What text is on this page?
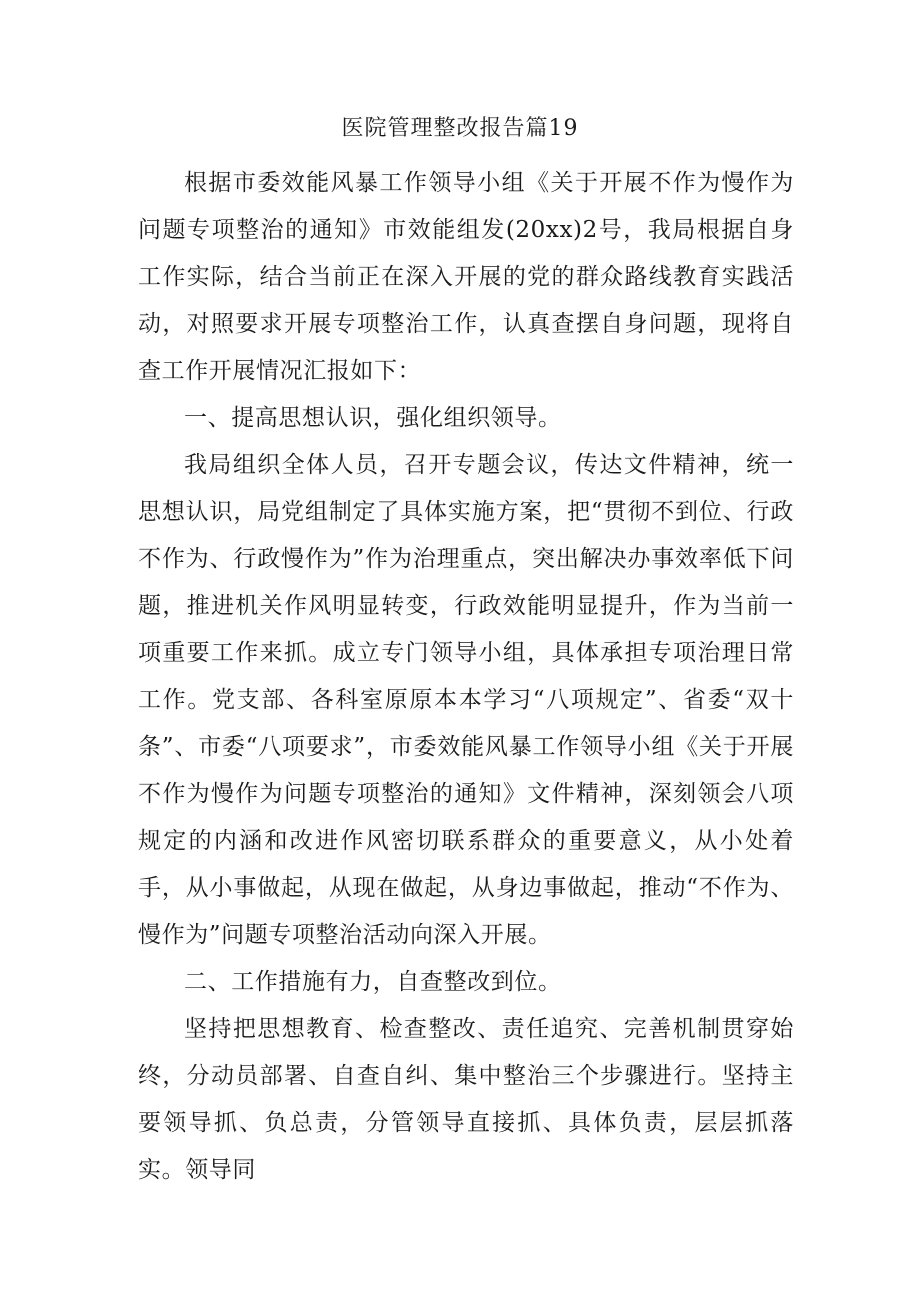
医院管理整改报告篇19

根据市委效能风暴工作领导小组《关于开展不作为慢作为问题专项整治的通知》市效能组发(20xx)2号，我局根据自身工作实际，结合当前正在深入开展的党的群众路线教育实践活动，对照要求开展专项整治工作，认真查摆自身问题，现将自查工作开展情况汇报如下：

一、提高思想认识，强化组织领导。

我局组织全体人员，召开专题会议，传达文件精神，统一思想认识，局党组制定了具体实施方案，把“贯彻不到位、行政不作为、行政慢作为”作为治理重点，突出解决办事效率低下问题，推进机关作风明显转变，行政效能明显提升，作为当前一项重要工作来抓。成立专门领导小组，具体承担专项治理日常工作。党支部、各科室原原本本学习“八项规定”、省委“双十条”、市委“八项要求”，市委效能风暴工作领导小组《关于开展不作为慢作为问题专项整治的通知》文件精神，深刻领会八项规定的内涵和改进作风密切联系群众的重要意义，从小处着手，从小事做起，从现在做起，从身边事做起，推动“不作为、慢作为”问题专项整治活动向深入开展。

二、工作措施有力，自查整改到位。

坚持把思想教育、检查整改、责任追究、完善机制贯穿始终，分动员部署、自查自纠、集中整治三个步骤进行。坚持主要领导抓、负总责，分管领导直接抓、具体负责，层层抓落实。领导同
